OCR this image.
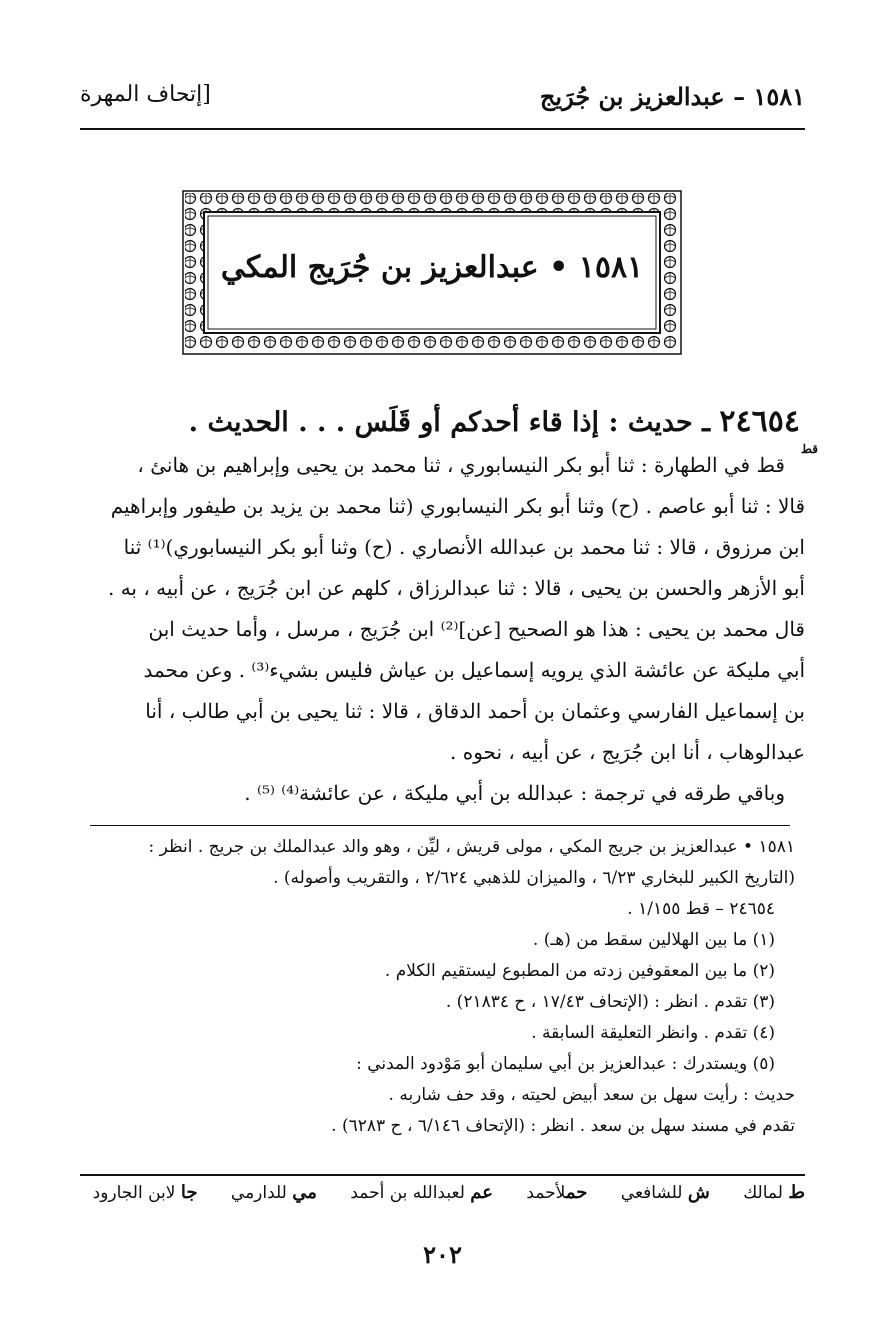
١٥٨١ – عبدالعزيز بن جُرَيج
[إتحاف المهرة
١٥٨١ • عبدالعزيز بن جُرَيج المكي
٢٤٦٥٤ ـ حديث : إذا قاء أحدكم أو قَلَس . . . الحديث .
قط

قط في الطهارة : ثنا أبو بكر النيسابوري ، ثنا محمد بن يحيى وإبراهيم بن هانئ ،

قالا : ثنا أبو عاصم . (ح) وثنا أبو بكر النيسابوري (ثنا محمد بن يزيد بن طيفور وإبراهيم

ابن مرزوق ، قالا : ثنا محمد بن عبدالله الأنصاري . (ح) وثنا أبو بكر النيسابوري)⁽¹⁾ ثنا

أبو الأزهر والحسن بن يحيى ، قالا : ثنا عبدالرزاق ، كلهم عن ابن جُرَيج ، عن أبيه ، به .

قال محمد بن يحيى : هذا هو الصحيح [عن]⁽²⁾ ابن جُرَيج ، مرسل ، وأما حديث ابن

أبي مليكة عن عائشة الذي يرويه إسماعيل بن عياش فليس بشيء⁽³⁾ . وعن محمد

بن إسماعيل الفارسي وعثمان بن أحمد الدقاق ، قالا : ثنا يحيى بن أبي طالب ، أنا

عبدالوهاب ، أنا ابن جُرَيج ، عن أبيه ، نحوه .

وباقي طرقه في ترجمة : عبدالله بن أبي مليكة ، عن عائشة⁽⁴⁾ ⁽⁵⁾ .

١٥٨١ • عبدالعزيز بن جريج المكي ، مولى قريش ، ليِّن ، وهو والد عبدالملك بن جريج . انظر :

(التاريخ الكبير للبخاري ٦/٢٣ ، والميزان للذهبي ٢/٦٢٤ ، والتقريب وأصوله) .

٢٤٦٥٤ – قط ١/١٥٥ .

(١) ما بين الهلالين سقط من (هـ) .

(٢) ما بين المعقوفين زدته من المطبوع ليستقيم الكلام .

(٣) تقدم . انظر : (الإتحاف ١٧/٤٣ ، ح ٢١٨٣٤) .

(٤) تقدم . وانظر التعليقة السابقة .

(٥) ويستدرك : عبدالعزيز بن أبي سليمان أبو مَوْدود المدني :

حديث : رأيت سهل بن سعد أبيض لحيته ، وقد حف شاربه .

تقدم في مسند سهل بن سعد . انظر : (الإتحاف ٦/١٤٦ ، ح ٦٢٨٣) .

ط لمالك ش للشافعي حملأحمد عم لعبدالله بن أحمد مي للدارمي جا لابن الجارود
٢٠٢
